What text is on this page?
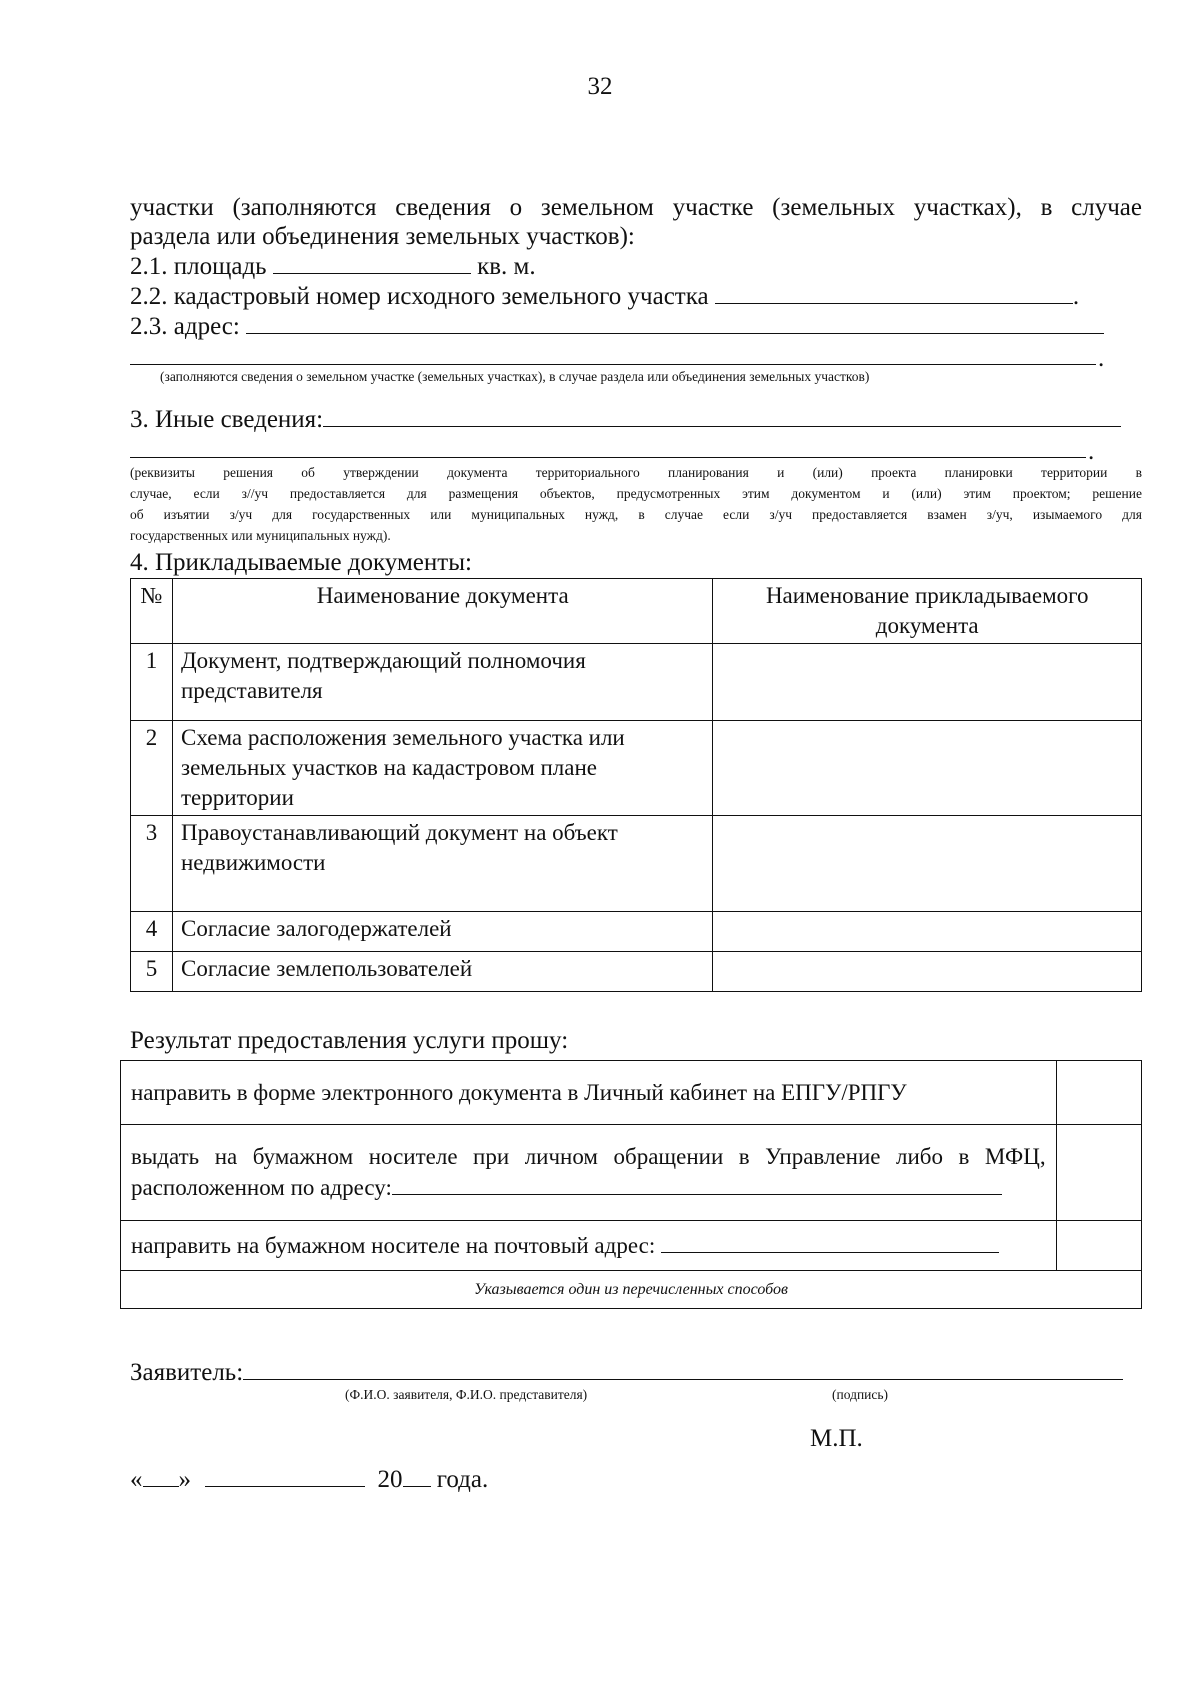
32
участки (заполняются сведения о земельном участке (земельных участках), в случае
раздела или объединения земельных участков):
2.1. площадь	кв. м.
2.2. кадастровый номер исходного земельного участка	.
2.3. адрес:
.
(заполняются сведения о земельном участке (земельных участках), в случае раздела или объединения земельных участков)
3. Иные сведения:
.
(реквизиты решения об утверждении документа территориального планирования и (или) проекта планировки территории в
случае, если з//уч предоставляется для размещения объектов, предусмотренных этим документом и (или) этим проектом; решение
об изъятии з/уч для государственных или муниципальных нужд, в случае если з/уч предоставляется взамен з/уч, изымаемого для
государственных или муниципальных нужд).
4. Прикладываемые документы:
№	Наименование документа	Наименование прикладываемого документа
1	Документ, подтверждающий полномочия представителя	
2	Схема расположения земельного участка или земельных участков на кадастровом плане территории	
3	Правоустанавливающий документ на объект недвижимости	
4	Согласие залогодержателей	
5	Согласие землепользователей	
Результат предоставления услуги прошу:
направить в форме электронного документа в Личный кабинет на ЕПГУ/РПГУ	

выдать на бумажном носителе при личном обращении в Управление либо в МФЦ,
расположенном по адресу:	

направить на бумажном носителе на почтовый адрес:	
Указывается один из перечисленных способов	
Заявитель:
(Ф.И.О. заявителя, Ф.И.О. представителя)	(подпись)
М.П.
« »	20 года.
